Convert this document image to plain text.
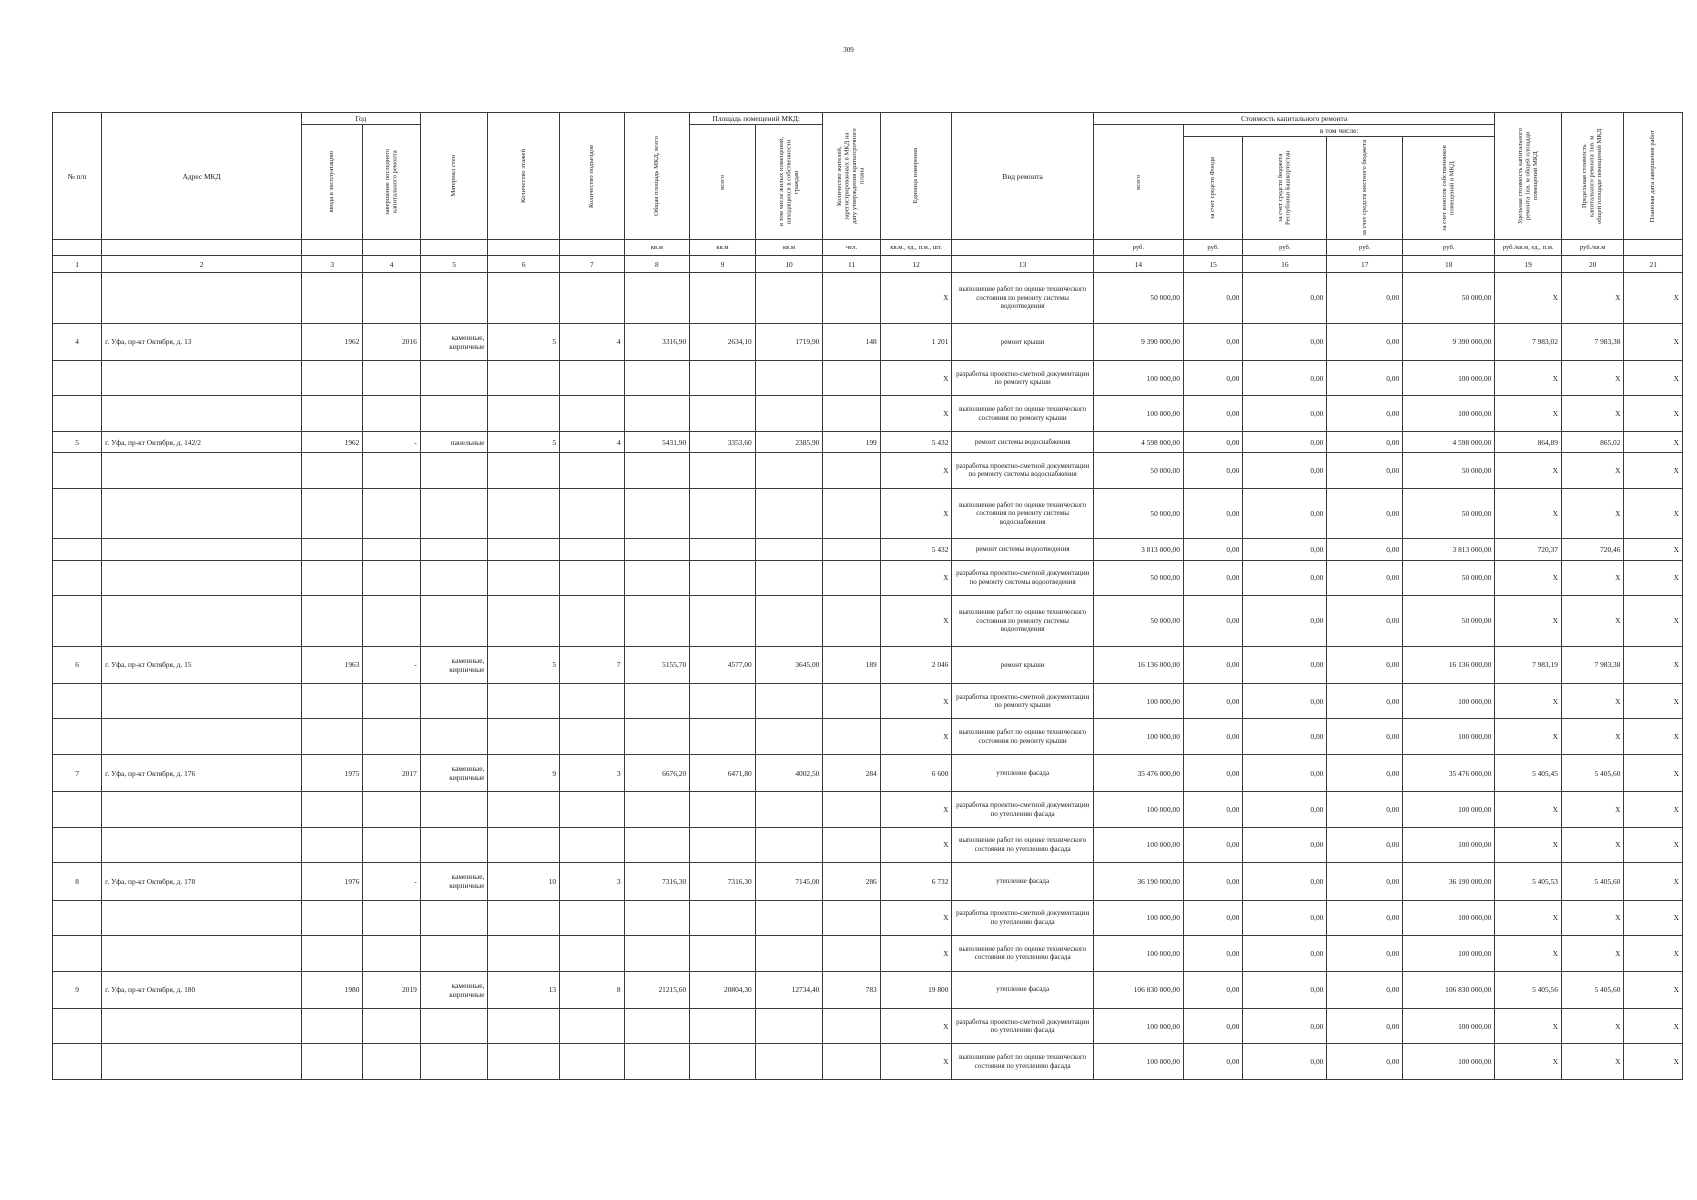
309
№ п/п	Адрес МКД	Год		Материал стен	Количество этажей	Количество подъездов	Общая площадь МКД, всего	Площадь помещений МКД:		Количество жителей, зарегистрированных в МКД на дату утверждения краткосрочного плана	Единица измерения	Вид ремонта	Стоимость капитального ремонта					Удельная стоимость капитального ремонта 1кв. м общей площади помещений МКД	Предельная стоимость капитального ремонта 1кв. м общей площади помещений МКД	Плановая дата завершения работ

		ввода в эксплуатацию	завершение последнего капитального ремонта					всего	в том числе жилых помещений, находящихся в собственности граждан				всего	в том числе:						

														за счет средств Фонда	за счет средств бюджета Республики Башкортостан	за счет средств местного бюджета	за счет взносов собственников помещений в МКД			

							кв.м	кв.м	кв.м	чел.	кв.м., ед., п.м., шт.		руб.	руб.	руб.	руб.	руб.	руб./кв.м, ед., п.м.	руб./кв.м	
1	2	3	4	5	6	7	8	9	10	11	12	13	14	15	16	17	18	19	20	21
											X	выполнение работ по оценке технического состояния по ремонту системы водоотведения	50 000,00	0,00	0,00	0,00	50 000,00	X	X	X
4	г. Уфа, пр-кт Октября, д. 13	1962	2016	каменные, кирпичные	5	4	3316,90	2634,10	1719,90	148	1 201	ремонт крыши	9 390 000,00	0,00	0,00	0,00	9 390 000,00	7 983,02	7 983,38	X
											X	разработка проектно-сметной документации по ремонту крыши	100 000,00	0,00	0,00	0,00	100 000,00	X	X	X
											X	выполнение работ по оценке технического состояния по ремонту крыши	100 000,00	0,00	0,00	0,00	100 000,00	X	X	X
5	г. Уфа, пр-кт Октября, д. 142/2	1962	-	панельные	5	4	5431,90	3353,60	2385,90	199	5 432	ремонт системы водоснабжения	4 598 000,00	0,00	0,00	0,00	4 598 000,00	864,89	865,02	X
											X	разработка проектно-сметной документации по ремонту системы водоснабжения	50 000,00	0,00	0,00	0,00	50 000,00	X	X	X
											X	выполнение работ по оценке технического состояния по ремонту системы водоснабжения	50 000,00	0,00	0,00	0,00	50 000,00	X	X	X
											5 432	ремонт системы водоотведения	3 813 000,00	0,00	0,00	0,00	3 813 000,00	720,37	720,46	X
											X	разработка проектно-сметной документации по ремонту системы водоотведения	50 000,00	0,00	0,00	0,00	50 000,00	X	X	X
											X	выполнение работ по оценке технического состояния по ремонту системы водоотведения	50 000,00	0,00	0,00	0,00	50 000,00	X	X	X
6	г. Уфа, пр-кт Октября, д. 15	1963	-	каменные, кирпичные	5	7	5155,70	4577,00	3645,00	189	2 046	ремонт крыши	16 136 000,00	0,00	0,00	0,00	16 136 000,00	7 983,19	7 983,38	X
											X	разработка проектно-сметной документации по ремонту крыши	100 000,00	0,00	0,00	0,00	100 000,00	X	X	X
											X	выполнение работ по оценке технического состояния по ремонту крыши	100 000,00	0,00	0,00	0,00	100 000,00	X	X	X
7	г. Уфа, пр-кт Октября, д. 176	1975	2017	каменные, кирпичные	9	3	6676,20	6471,80	4002,50	284	6 600	утепление фасада	35 476 000,00	0,00	0,00	0,00	35 476 000,00	5 405,45	5 405,60	X
											X	разработка проектно-сметной документации по утеплению фасада	100 000,00	0,00	0,00	0,00	100 000,00	X	X	X
											X	выполнение работ по оценке технического состояния по утеплению фасада	100 000,00	0,00	0,00	0,00	100 000,00	X	X	X
8	г. Уфа, пр-кт Октября, д. 178	1976	-	каменные, кирпичные	10	3	7316,30	7316,30	7145,00	286	6 732	утепление фасада	36 190 000,00	0,00	0,00	0,00	36 190 000,00	5 405,53	5 405,60	X
											X	разработка проектно-сметной документации по утеплению фасада	100 000,00	0,00	0,00	0,00	100 000,00	X	X	X
											X	выполнение работ по оценке технического состояния по утеплению фасада	100 000,00	0,00	0,00	0,00	100 000,00	X	X	X
9	г. Уфа, пр-кт Октября, д. 180	1980	2019	каменные, кирпичные	13	8	21215,60	20804,30	12734,40	783	19 800	утепление фасада	106 830 000,00	0,00	0,00	0,00	106 830 000,00	5 405,56	5 405,60	X
											X	разработка проектно-сметной документации по утеплению фасада	100 000,00	0,00	0,00	0,00	100 000,00	X	X	X
											X	выполнение работ по оценке технического состояния по утеплению фасада	100 000,00	0,00	0,00	0,00	100 000,00	X	X	X
